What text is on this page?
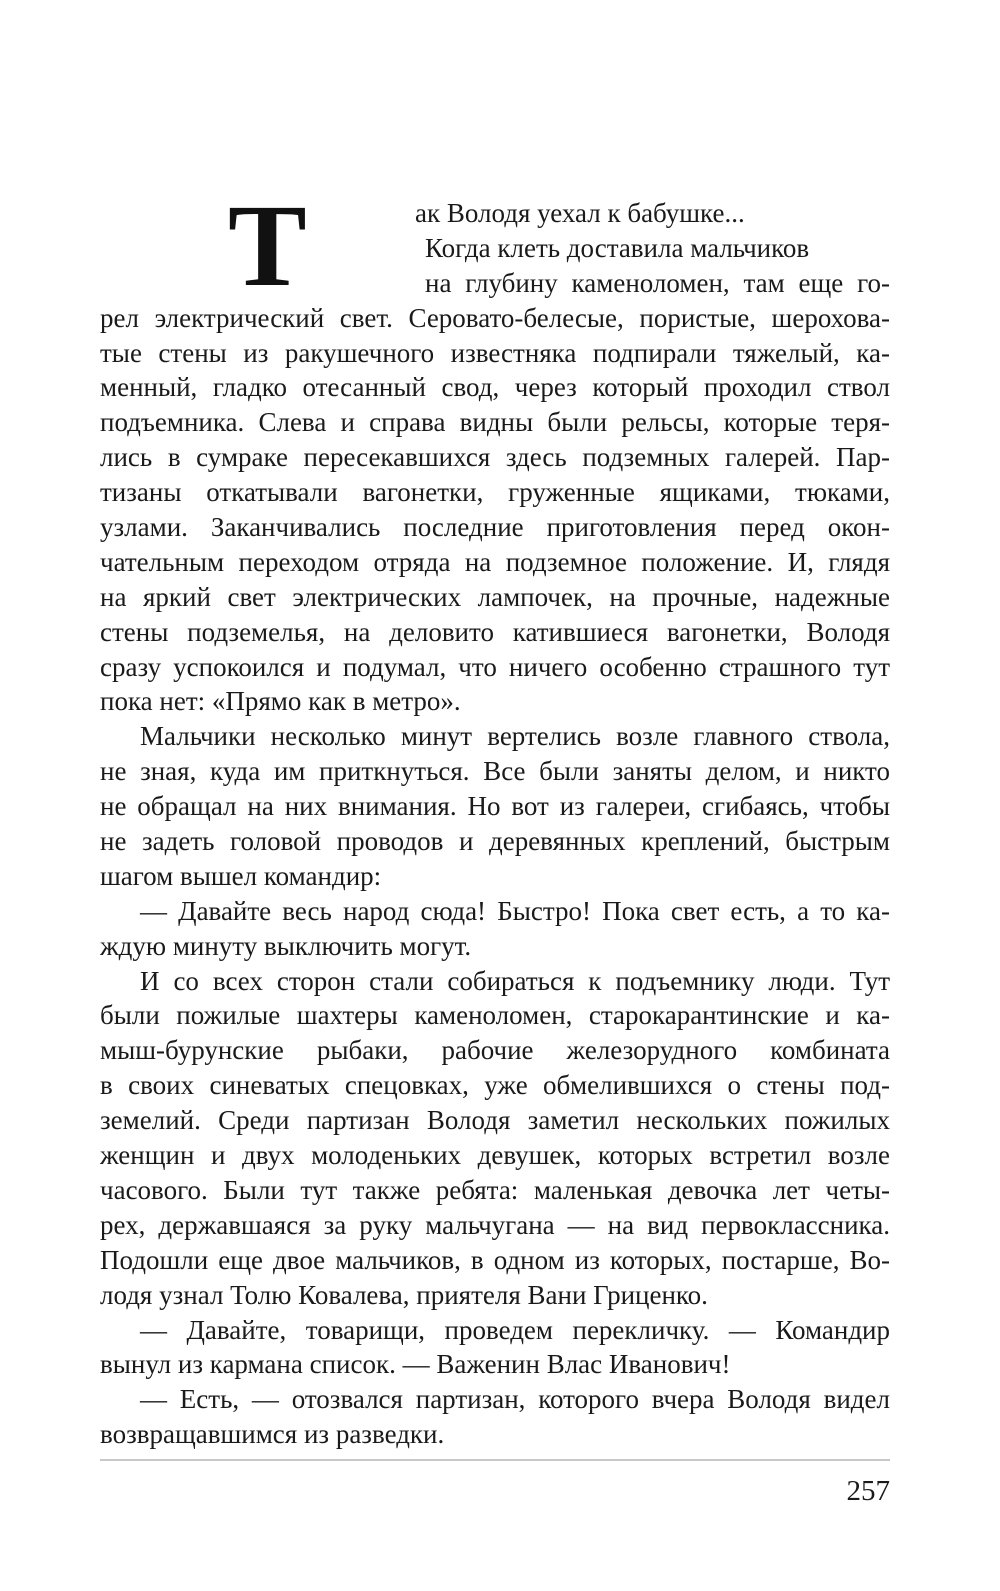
Т	ак Володя уехал к бабушке...
Когда клеть доставила мальчиков
на глубину каменоломен, там еще го-
рел электрический свет. Серовато-белесые, пористые, шерохова-
тые стены из ракушечного известняка подпирали тяжелый, ка-
менный, гладко отесанный свод, через который проходил ствол
подъемника. Слева и справа видны были рельсы, которые теря-
лись в сумраке пересекавшихся здесь подземных галерей. Пар-
тизаны откатывали вагонетки, груженные ящиками, тюками,
узлами. Заканчивались последние приготовления перед окон-
чательным переходом отряда на подземное положение. И, глядя
на яркий свет электрических лампочек, на прочные, надежные
стены подземелья, на деловито катившиеся вагонетки, Володя
сразу успокоился и подумал, что ничего особенно страшного тут
пока нет: «Прямо как в метро».
Мальчики несколько минут вертелись возле главного ствола,
не зная, куда им приткнуться. Все были заняты делом, и никто
не обращал на них внимания. Но вот из галереи, сгибаясь, чтобы
не задеть головой проводов и деревянных креплений, быстрым
шагом вышел командир:
— Давайте весь народ сюда! Быстро! Пока свет есть, а то ка-
ждую минуту выключить могут.
И со всех сторон стали собираться к подъемнику люди. Тут
были пожилые шахтеры каменоломен, старокарантинские и ка-
мыш-бурунские рыбаки, рабочие железорудного комбината
в своих синеватых спецовках, уже обмелившихся о стены под-
земелий. Среди партизан Володя заметил нескольких пожилых
женщин и двух молоденьких девушек, которых встретил возле
часового. Были тут также ребята: маленькая девочка лет четы-
рех, державшаяся за руку мальчугана — на вид первоклассника.
Подошли еще двое мальчиков, в одном из которых, постарше, Во-
лодя узнал Толю Ковалева, приятеля Вани Гриценко.
— Давайте, товарищи, проведем перекличку. — Командир
вынул из кармана список. — Важенин Влас Иванович!
— Есть, — отозвался партизан, которого вчера Володя видел
возвращавшимся из разведки.
257
